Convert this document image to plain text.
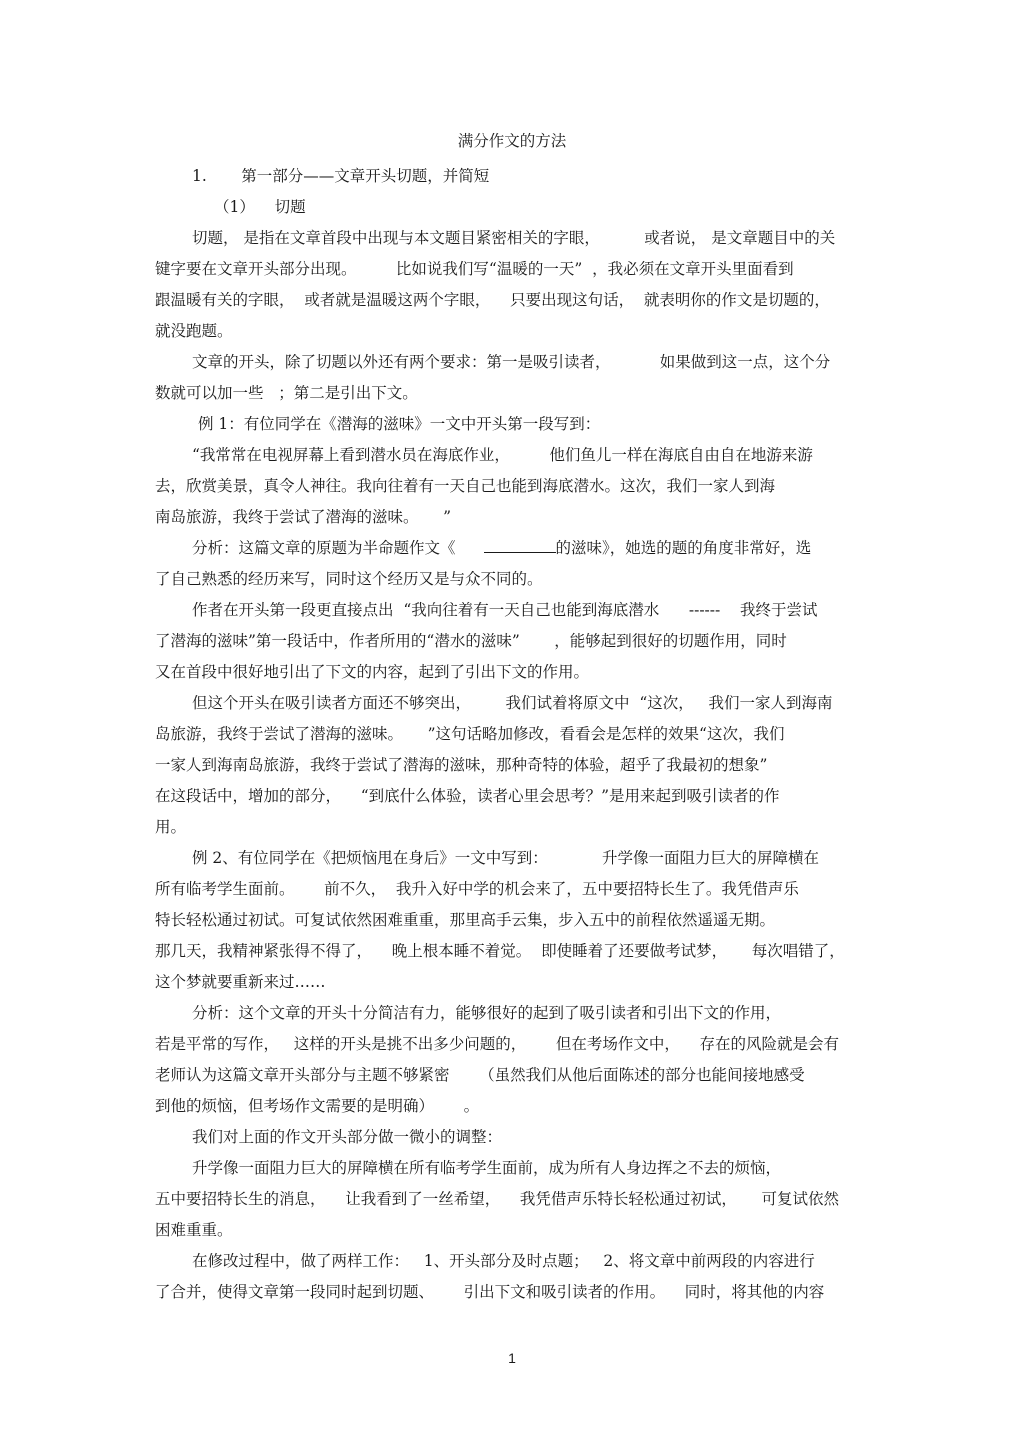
满分作文的方法
1.       第一部分——文章开头切题，并简短
（1）    切题
切题， 是指在文章首段中出现与本文题目紧密相关的字眼，         或者说， 是文章题目中的关
键字要在文章开头部分出现。        比如说我们写“温暖的一天”  ，我必须在文章开头里面看到
跟温暖有关的字眼，  或者就是温暖这两个字眼，    只要出现这句话，  就表明你的作文是切题的，
就没跑题。
文章的开头，除了切题以外还有两个要求：第一是吸引读者，          如果做到这一点，这个分
数就可以加一些   ；第二是引出下文。
例 1：有位同学在《潜海的滋味》一文中开头第一段写到：
“我常常在电视屏幕上看到潜水员在海底作业，        他们鱼儿一样在海底自由自在地游来游
去，欣赏美景，真令人神往。我向往着有一天自己也能到海底潜水。这次，我们一家人到海
南岛旅游，我终于尝试了潜海的滋味。     ”
分析：这篇文章的原题为半命题作文《	的滋味》，她选的题的角度非常好，选
了自己熟悉的经历来写，同时这个经历又是与众不同的。
作者在开头第一段更直接点出  “我向往着有一天自己也能到海底潜水      ------    我终于尝试
了潜海的滋味”第一段话中，作者所用的“潜水的滋味”       ，能够起到很好的切题作用，同时
又在首段中很好地引出了下文的内容，起到了引出下文的作用。
但这个开头在吸引读者方面还不够突出，       我们试着将原文中  “这次，   我们一家人到海南
岛旅游，我终于尝试了潜海的滋味。     ”这句话略加修改，看看会是怎样的效果“这次，我们
一家人到海南岛旅游，我终于尝试了潜海的滋味，那种奇特的体验，超乎了我最初的想象”
在这段话中，增加的部分，    “到底什么体验，读者心里会思考？”是用来起到吸引读者的作
用。
例 2、有位同学在《把烦恼甩在身后》一文中写到：           升学像一面阻力巨大的屏障横在
所有临考学生面前。      前不久，  我升入好中学的机会来了，五中要招特长生了。我凭借声乐
特长轻松通过初试。可复试依然困难重重，那里高手云集，步入五中的前程依然遥遥无期。
那几天，我精神紧张得不得了，    晚上根本睡不着觉。  即使睡着了还要做考试梦，     每次唱错了，
这个梦就要重新来过……
分析：这个文章的开头十分简洁有力，能够很好的起到了吸引读者和引出下文的作用，
若是平常的写作，   这样的开头是挑不出多少问题的，      但在考场作文中，    存在的风险就是会有
老师认为这篇文章开头部分与主题不够紧密      （虽然我们从他后面陈述的部分也能间接地感受
到他的烦恼，但考场作文需要的是明确）      。
我们对上面的作文开头部分做一微小的调整：
升学像一面阻力巨大的屏障横在所有临考学生面前，成为所有人身边挥之不去的烦恼，
五中要招特长生的消息，    让我看到了一丝希望，    我凭借声乐特长轻松通过初试，     可复试依然
困难重重。
在修改过程中，做了两样工作：   1、开头部分及时点题；   2、将文章中前两段的内容进行
了合并，使得文章第一段同时起到切题、      引出下文和吸引读者的作用。    同时，将其他的内容
1
